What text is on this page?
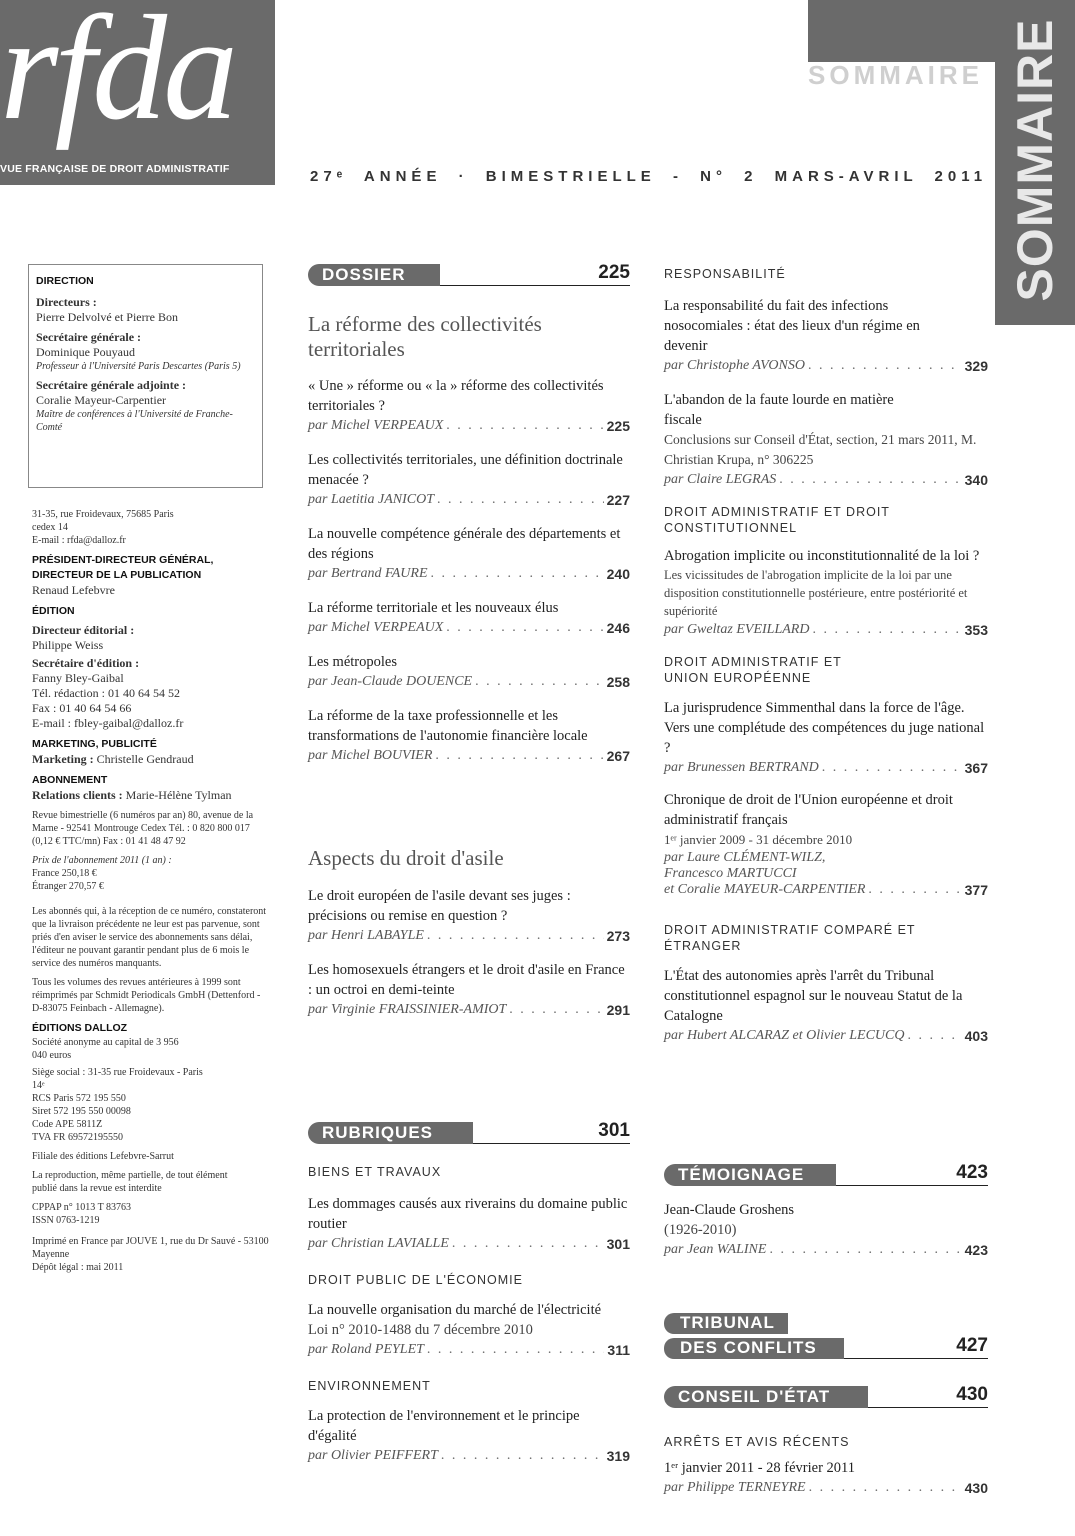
rfda
VUE FRANÇAISE DE DROIT ADMINISTRATIF
SOMMAIRE SOMMAIRE
27ᵉ ANNÉE · BIMESTRIELLE - N° 2 MARS-AVRIL 2011

DIRECTION

Directeurs :

Pierre Delvolvé et Pierre Bon

Secrétaire générale :

Dominique Pouyaud

Professeur à l'Université Paris Descartes (Paris 5)

Secrétaire générale adjointe :

Coralie Mayeur-Carpentier

Maître de conférences à l'Université de Franche-Comté

31-35, rue Froidevaux, 75685 Paris cedex 14

E-mail : rfda@dalloz.fr

PRÉSIDENT-DIRECTEUR GÉNÉRAL, DIRECTEUR DE LA PUBLICATION

Renaud Lefebvre

ÉDITION

Directeur éditorial :

Philippe Weiss

Secrétaire d'édition :

Fanny Bley-Gaibal

Tél. rédaction : 01 40 64 54 52

Fax : 01 40 64 54 66

E-mail : fbley-gaibal@dalloz.fr

MARKETING, PUBLICITÉ

Marketing : Christelle Gendraud

ABONNEMENT

Relations clients : Marie-Hélène Tylman

Revue bimestrielle (6 numéros par an) 80, avenue de la Marne - 92541 Montrouge Cedex Tél. : 0 820 800 017 (0,12 € TTC/mn) Fax : 01 41 48 47 92

Prix de l'abonnement 2011 (1 an) :

France 250,18 €

Étranger 270,57 €

Les abonnés qui, à la réception de ce numéro, constateront que la livraison précédente ne leur est pas parvenue, sont priés d'en aviser le service des abonnements sans délai, l'éditeur ne pouvant garantir pendant plus de 6 mois le service des numéros manquants.

Tous les volumes des revues antérieures à 1999 sont réimprimés par Schmidt Periodicals GmbH (Dettenford - D-83075 Feinbach - Allemagne).

ÉDITIONS DALLOZ

Société anonyme au capital de 3 956 040 euros

Siège social : 31-35 rue Froidevaux - Paris 14ᵉ

RCS Paris 572 195 550

Siret 572 195 550 00098

Code APE 5811Z

TVA FR 69572195550

Filiale des éditions Lefebvre-Sarrut

La reproduction, même partielle, de tout élément publié dans la revue est interdite

CPPAP n° 1013 T 83763

ISSN 0763-1219

Imprimé en France par JOUVE 1, rue du Dr Sauvé - 53100 Mayenne

Dépôt légal : mai 2011

DOSSIER	225
La réforme des collectivités territoriales
« Une » réforme ou « la » réforme des collectivités territoriales ?
par Michel VERPEAUX . . .	225
Les collectivités territoriales, une définition doctrinale menacée ?
par Laetitia JANICOT . . .	227
La nouvelle compétence générale des départements et des régions
par Bertrand FAURE . . .	240
La réforme territoriale et les nouveaux élus
par Michel VERPEAUX . . .	246
Les métropoles
par Jean-Claude DOUENCE . . .	258
La réforme de la taxe professionnelle et les transformations de l'autonomie financière locale
par Michel BOUVIER . . .	267
Aspects du droit d'asile
Le droit européen de l'asile devant ses juges : précisions ou remise en question ?
par Henri LABAYLE . . .	273
Les homosexuels étrangers et le droit d'asile en France : un octroi en demi-teinte
par Virginie FRAISSINIER-AMIOT . . .	291
RUBRIQUES	301
BIENS ET TRAVAUX
Les dommages causés aux riverains du domaine public routier
par Christian LAVIALLE . . .	301
DROIT PUBLIC DE L'ÉCONOMIE
La nouvelle organisation du marché de l'électricité
Loi n° 2010-1488 du 7 décembre 2010
par Roland PEYLET . . .	311
ENVIRONNEMENT
La protection de l'environnement et le principe d'égalité
par Olivier PEIFFERT . . .	319
RESPONSABILITÉ
La responsabilité du fait des infections nosocomiales : état des lieux d'un régime en devenir
par Christophe AVONSO . . .	329
L'abandon de la faute lourde en matière fiscale
Conclusions sur Conseil d'État, section, 21 mars 2011, M. Christian Krupa, n° 306225
par Claire LEGRAS . . .	340
DROIT ADMINISTRATIF ET DROIT CONSTITUTIONNEL
Abrogation implicite ou inconstitutionnalité de la loi ?
Les vicissitudes de l'abrogation implicite de la loi par une disposition constitutionnelle postérieure, entre postériorité et supériorité
par Gweltaz EVEILLARD . . .	353
DROIT ADMINISTRATIF ET UNION EUROPÉENNE
La jurisprudence Simmenthal dans la force de l'âge. Vers une complétude des compétences du juge national ?
par Brunessen BERTRAND . . .	367
Chronique de droit de l'Union européenne et droit administratif français
1ᵉʳ janvier 2009 - 31 décembre 2010
par Laure CLÉMENT-WILZ,
Francesco MARTUCCI
et Coralie MAYEUR-CARPENTIER . . .	377
DROIT ADMINISTRATIF COMPARÉ ET ÉTRANGER
L'État des autonomies après l'arrêt du Tribunal constitutionnel espagnol sur le nouveau Statut de la Catalogne
par Hubert ALCARAZ et Olivier LECUCQ . . .	403
TÉMOIGNAGE	423
Jean-Claude Groshens
(1926-2010)
par Jean WALINE . . .	423
TRIBUNAL
DES CONFLITS	427
CONSEIL D'ÉTAT	430
ARRÊTS ET AVIS RÉCENTS
1ᵉʳ janvier 2011 - 28 février 2011
par Philippe TERNEYRE . . .	430
